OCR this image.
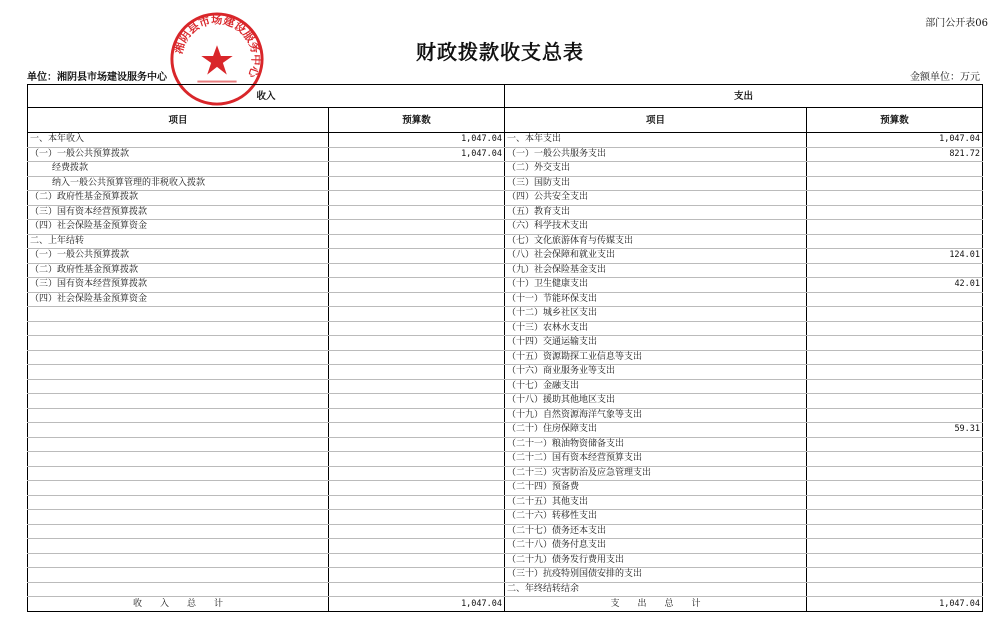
部门公开表06
湘阴县市场建设服务中心
财政拨款收支总表
单位：湘阴县市场建设服务中心	金额单位：万元
收入		支出	
项目	预算数	项目	预算数
一、本年收入	1,047.04	一、本年支出	1,047.04
（一）一般公共预算拨款	1,047.04	（一）一般公共服务支出	821.72
经费拨款		（二）外交支出	
纳入一般公共预算管理的非税收入拨款		（三）国防支出	
（二）政府性基金预算拨款		（四）公共安全支出	
（三）国有资本经营预算拨款		（五）教育支出	
（四）社会保险基金预算资金		（六）科学技术支出	
二、上年结转		（七）文化旅游体育与传媒支出	
（一）一般公共预算拨款		（八）社会保障和就业支出	124.01
（二）政府性基金预算拨款		（九）社会保险基金支出	
（三）国有资本经营预算拨款		（十）卫生健康支出	42.01
（四）社会保险基金预算资金		（十一）节能环保支出	
		（十二）城乡社区支出	
		（十三）农林水支出	
		（十四）交通运输支出	
		（十五）资源勘探工业信息等支出	
		（十六）商业服务业等支出	
		（十七）金融支出	
		（十八）援助其他地区支出	
		（十九）自然资源海洋气象等支出	
		（二十）住房保障支出	59.31
		（二十一）粮油物资储备支出	
		（二十二）国有资本经营预算支出	
		（二十三）灾害防治及应急管理支出	
		（二十四）预备费	
		（二十五）其他支出	
		（二十六）转移性支出	
		（二十七）债务还本支出	
		（二十八）债务付息支出	
		（二十九）债务发行费用支出	
		（三十）抗疫特别国债安排的支出	
		二、年终结转结余	
收　　入　　总　　计	1,047.04	支　　出　　总　　计	1,047.04
